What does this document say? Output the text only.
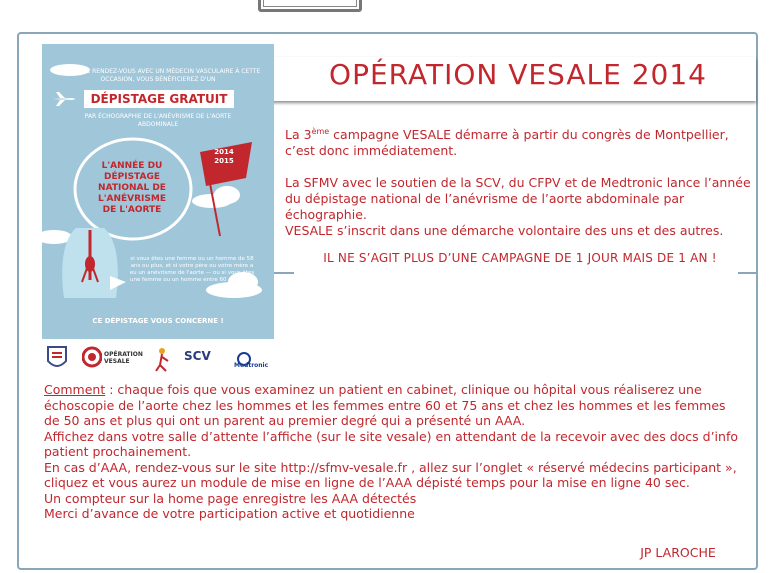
OPÉRATION VESALE 2014
VOUS AVEZ RENDEZ-VOUS AVEC UN MÉDECIN VASCULAIRE À CETTE OCCASION, VOUS BÉNÉFICIEREZ D'UN
DÉPISTAGE GRATUIT
PAR ÉCHOGRAPHIE DE L'ANÉVRISME DE L'AORTE ABDOMINALE
L'ANNÉE DU DÉPISTAGE NATIONAL DE L'ANÉVRISME DE L'AORTE
2014 2015
si vous êtes une femme ou un homme de 58 ans ou plus, et si votre père ou votre mère a eu un anévrisme de l'aorte — ou si vous êtes une femme ou un homme entre 60 et 75 ans
CE DÉPISTAGE VOUS CONCERNE !
OPÉRATION VESALE	SCV
Medtronic

La 3ème campagne VESALE démarre à partir du congrès de Montpellier, c’est donc immédiatement.

La SFMV avec le soutien de la SCV, du CFPV et de Medtronic lance l’année du dépistage national de l’anévrisme de l’aorte abdominale par échographie.

VESALE s’inscrit dans une démarche volontaire des uns et des autres.

IL NE S’AGIT PLUS D’UNE CAMPAGNE DE 1 JOUR MAIS DE 1 AN !

Comment : chaque fois que vous examinez un patient en cabinet, clinique ou hôpital vous réaliserez une échoscopie de l’aorte chez les hommes et les femmes entre 60 et 75 ans et chez les hommes et les femmes de 50 ans et plus qui ont un parent au premier degré qui a présenté un AAA.

Affichez dans votre salle d’attente l’affiche (sur le site vesale) en attendant de la recevoir avec des docs d’info patient prochainement.

En cas d’AAA, rendez-vous sur le site http://sfmv-vesale.fr , allez sur l’onglet « réservé médecins participant », cliquez et vous aurez un module de mise en ligne de l’AAA dépisté temps pour la mise en ligne 40 sec.

Un compteur sur la home page enregistre les AAA détectés

Merci d’avance de votre participation active et quotidienne

JP LAROCHE
